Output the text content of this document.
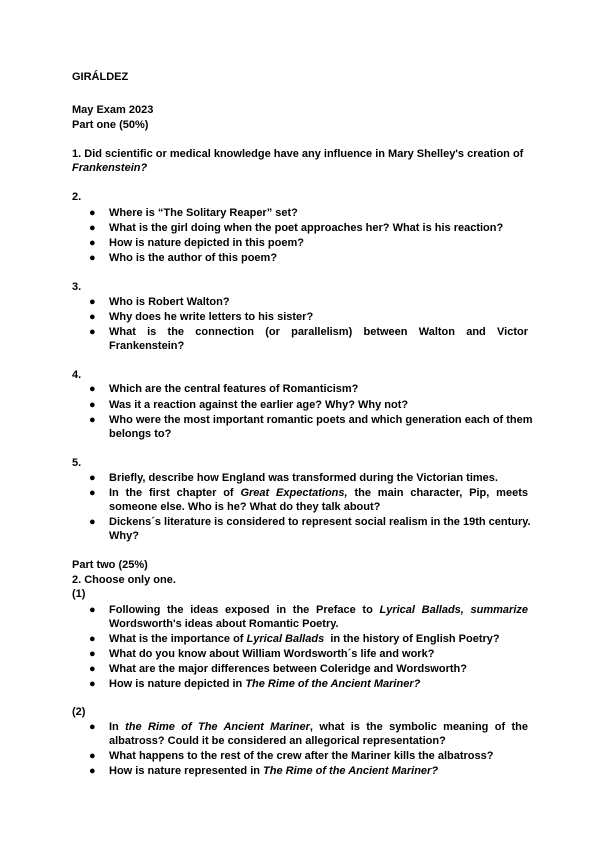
GIRÁLDEZ
May Exam 2023
Part one (50%)
1. Did scientific or medical knowledge have any influence in Mary Shelley's creation of
Frankenstein?
2.
● Where is “The Solitary Reaper” set?
● What is the girl doing when the poet approaches her? What is his reaction?
● How is nature depicted in this poem?
● Who is the author of this poem?
3.
● Who is Robert Walton?
● Why does he write letters to his sister?
● What is the connection (or parallelism) between Walton and Victor
Frankenstein?
4.
● Which are the central features of Romanticism?
● Was it a reaction against the earlier age? Why? Why not?
● Who were the most important romantic poets and which generation each of them
belongs to?
5.
● Briefly, describe how England was transformed during the Victorian times.
● In the first chapter of Great Expectations, the main character, Pip, meets
someone else. Who is he? What do they talk about?
● Dickens´s literature is considered to represent social realism in the 19th century.
Why?
Part two (25%)
2. Choose only one.
(1)
● Following the ideas exposed in the Preface to Lyrical Ballads, summarize
Wordsworth's ideas about Romantic Poetry.
● What is the importance of Lyrical Ballads in the history of English Poetry?
● What do you know about William Wordsworth´s life and work?
● What are the major differences between Coleridge and Wordsworth?
● How is nature depicted in The Rime of the Ancient Mariner?
(2)
● In the Rime of The Ancient Mariner, what is the symbolic meaning of the
albatross? Could it be considered an allegorical representation?
● What happens to the rest of the crew after the Mariner kills the albatross?
● How is nature represented in The Rime of the Ancient Mariner?
